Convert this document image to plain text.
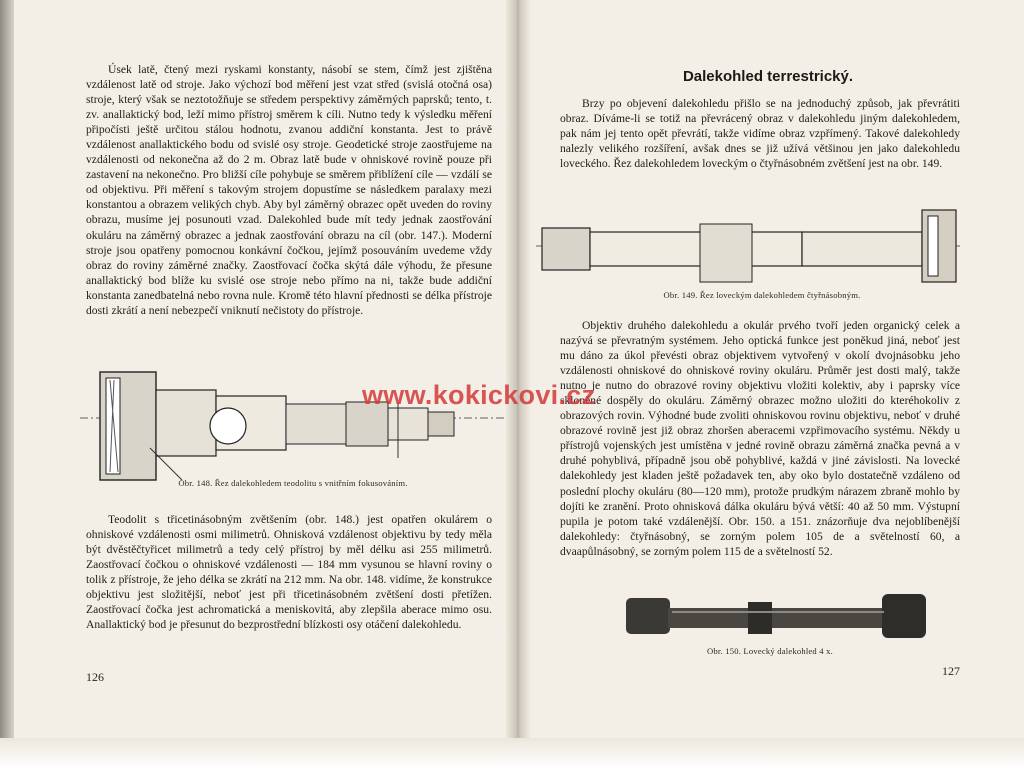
Úsek latě, čtený mezi ryskami konstanty, násobí se stem, čímž jest zjištěna vzdálenost latě od stroje. Jako výchozí bod měření jest vzat střed (svislá otočná osa) stroje, který však se neztotožňuje se středem perspektivy záměrných paprsků; tento, t. zv. anallaktický bod, leží mimo přístroj směrem k cíli. Nutno tedy k výsledku měření připočísti ještě určitou stálou hodnotu, zvanou addiční konstanta. Jest to právě vzdálenost anallaktického bodu od svislé osy stroje. Geodetické stroje zaostřujeme na vzdálenosti od nekonečna až do 2 m. Obraz latě bude v ohniskové rovině pouze při zastavení na nekonečno. Pro bližší cíle pohybuje se směrem přiblížení cíle — vzdálí se od objektivu. Při měření s takovým strojem dopustíme se následkem paralaxy mezi konstantou a obrazem velikých chyb. Aby byl záměrný obrazec opět uveden do roviny obrazu, musíme jej posunouti vzad. Dalekohled bude mít tedy jednak zaostřování okuláru na záměrný obrazec a jednak zaostřování obrazu na cíl (obr. 147.). Moderní stroje jsou opatřeny pomocnou konkávní čočkou, jejímž posouváním uvedeme vždy obraz do roviny záměrné značky. Zaostřovací čočka skýtá dále výhodu, že přesune anallaktický bod blíže ku svislé ose stroje nebo přímo na ni, takže bude addiční konstanta zanedbatelná nebo rovna nule. Kromě této hlavní přednosti se délka přístroje dosti zkrátí a není nebezpečí vniknutí nečistoty do přístroje.

Obr. 148. Řez dalekohledem teodolitu s vnitřním fokusováním.

Teodolit s třicetinásobným zvětšením (obr. 148.) jest opatřen okulárem o ohniskové vzdálenosti osmi milimetrů. Ohnisková vzdálenost objektivu by tedy měla být dvěstěčtyřicet milimetrů a tedy celý přístroj by měl délku asi 255 milimetrů. Zaostřovací čočkou o ohniskové vzdálenosti — 184 mm vysunou se hlavní roviny o tolik z přístroje, že jeho délka se zkrátí na 212 mm. Na obr. 148. vidíme, že konstrukce objektivu jest složitější, neboť jest při třicetinásobném zvětšení dosti přetížen. Zaostřovací čočka jest achromatická a meniskovitá, aby zlepšila aberace mimo osu. Anallaktický bod je přesunut do bezprostřední blízkosti osy otáčení dalekohledu.

126
Dalekohled terrestrický.

Brzy po objevení dalekohledu přišlo se na jednoduchý způsob, jak převrátiti obraz. Díváme-li se totiž na převrácený obraz v dalekohledu jiným dalekohledem, pak nám jej tento opět převrátí, takže vidíme obraz vzpřímený. Takové dalekohledy nalezly velikého rozšíření, avšak dnes se již užívá většinou jen jako dalekohledu loveckého. Řez dalekohledem loveckým o čtyřnásobném zvětšení jest na obr. 149.

Obr. 149. Řez loveckým dalekohledem čtyřnásobným.

Objektiv druhého dalekohledu a okulár prvého tvoří jeden organický celek a nazývá se převratným systémem. Jeho optická funkce jest poněkud jiná, neboť jest mu dáno za úkol převésti obraz objektivem vytvořený v okolí dvojnásobku jeho vzdálenosti ohniskové do ohniskové roviny okuláru. Průměr jest dosti malý, takže nutno je nutno do obrazové roviny objektivu vložiti kolektiv, aby i paprsky více skloněné dospěly do okuláru. Záměrný obrazec možno uložiti do kteréhokoliv z obrazových rovin. Výhodné bude zvoliti ohniskovou rovinu objektivu, neboť v druhé obrazové rovině jest již obraz zhoršen aberacemi vzpřimovacího systému. Někdy u přístrojů vojenských jest umístěna v jedné rovině obrazu záměrná značka pevná a v druhé pohyblivá, případně jsou obě pohyblivé, každá v jiné závislosti. Na lovecké dalekohledy jest kladen ještě požadavek ten, aby oko bylo dostatečně vzdáleno od poslední plochy okuláru (80—120 mm), protože prudkým nárazem zbraně mohlo by dojíti ke zranění. Proto ohnisková dálka okuláru bývá větší: 40 až 50 mm. Výstupní pupila je potom také vzdálenější. Obr. 150. a 151. znázorňuje dva nejoblíbenější dalekohledy: čtyřnásobný, se zorným polem 105 de a světelností 60, a dvaapůlnásobný, se zorným polem 115 de a světelností 52.

Obr. 150. Lovecký dalekohled 4 x.
127
www.kokickovi.cz
